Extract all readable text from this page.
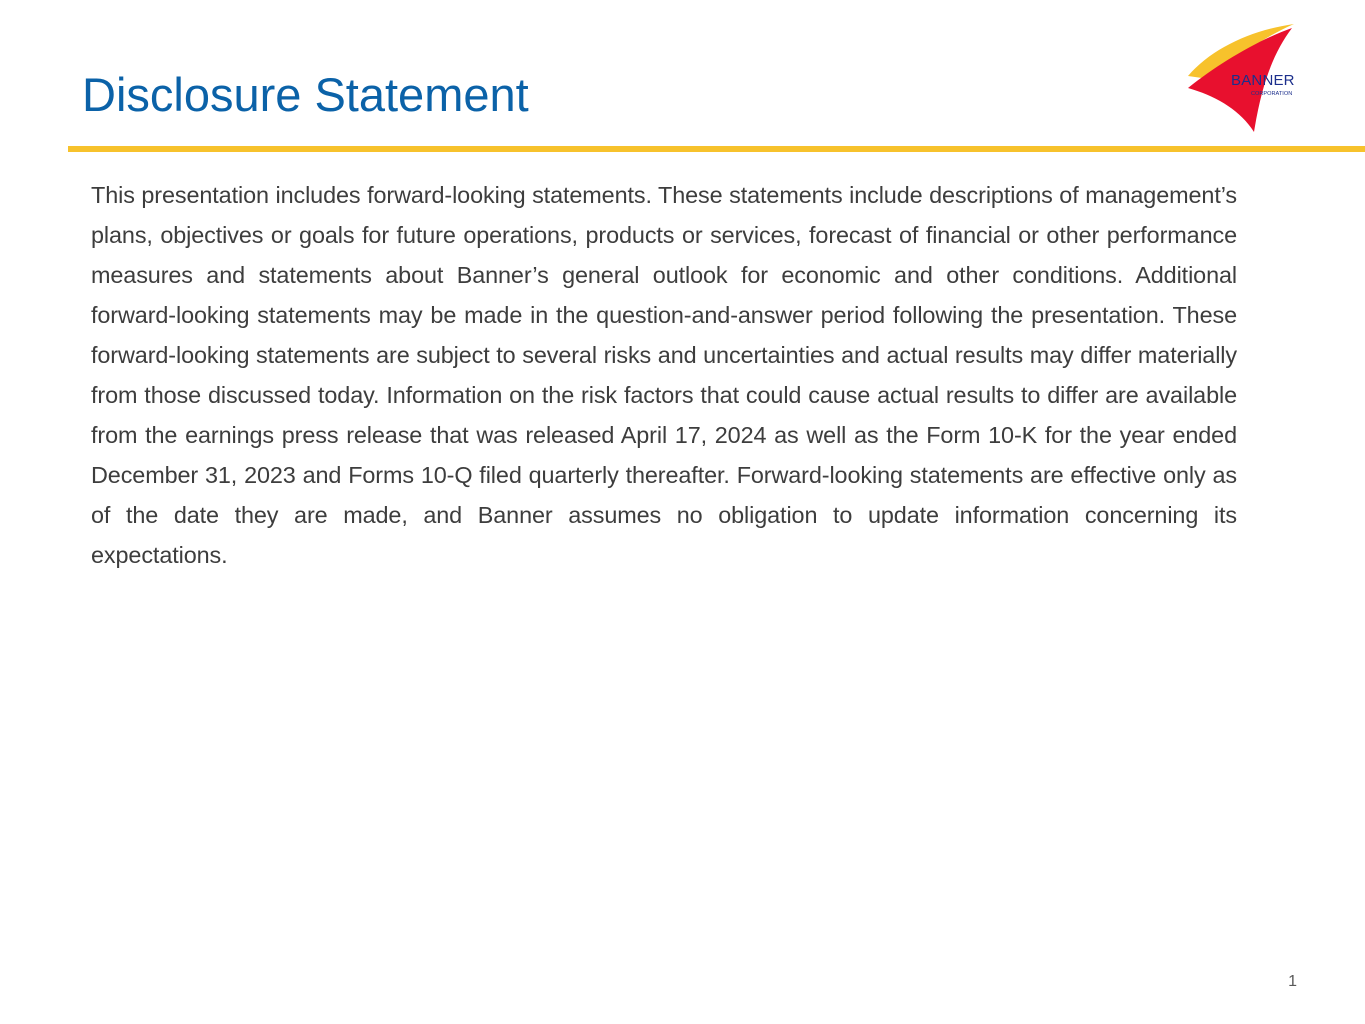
Disclosure Statement	BANNER
CORPORATION

This presentation includes forward-looking statements. These statements include descriptions of management’s plans, objectives or goals for future operations, products or services, forecast of financial or other performance measures and statements about Banner’s general outlook for economic and other conditions. Additional forward-looking statements may be made in the question-and-answer period following the presentation. These forward-looking statements are subject to several risks and uncertainties and actual results may differ materially from those discussed today. Information on the risk factors that could cause actual results to differ are available from the earnings press release that was released April 17, 2024 as well as the Form 10-K for the year ended December 31, 2023 and Forms 10-Q filed quarterly thereafter. Forward-looking statements are effective only as of the date they are made, and Banner assumes no obligation to update information concerning its expectations.

1
